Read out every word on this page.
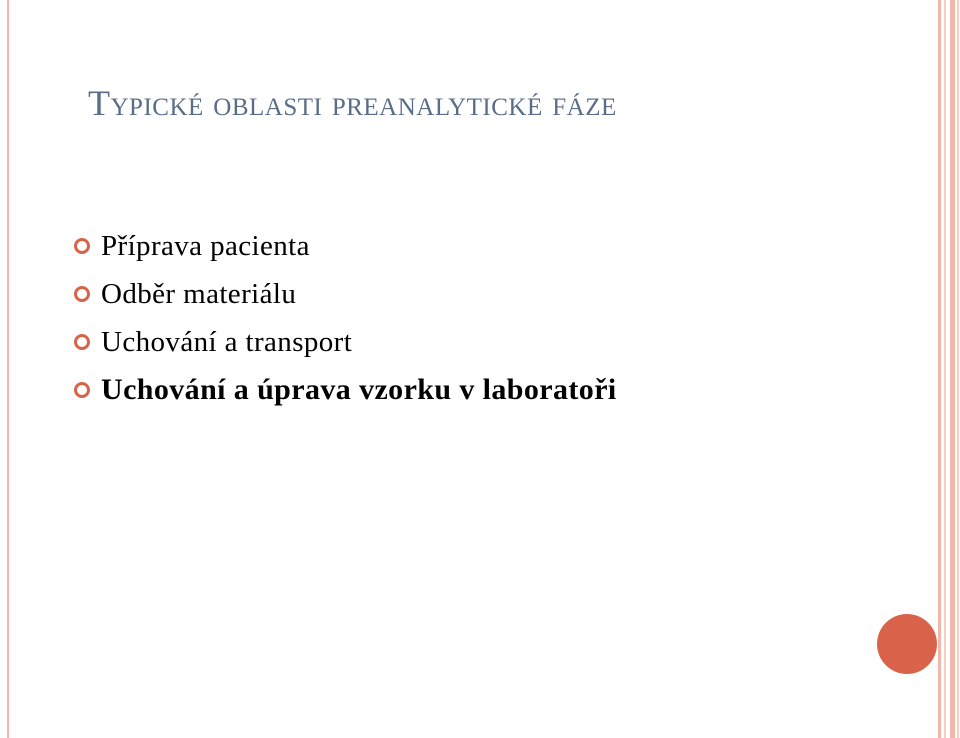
Typické oblasti preanalytické fáze
Příprava pacienta
Odběr materiálu
Uchování a transport
Uchování a úprava vzorku v laboratoři
